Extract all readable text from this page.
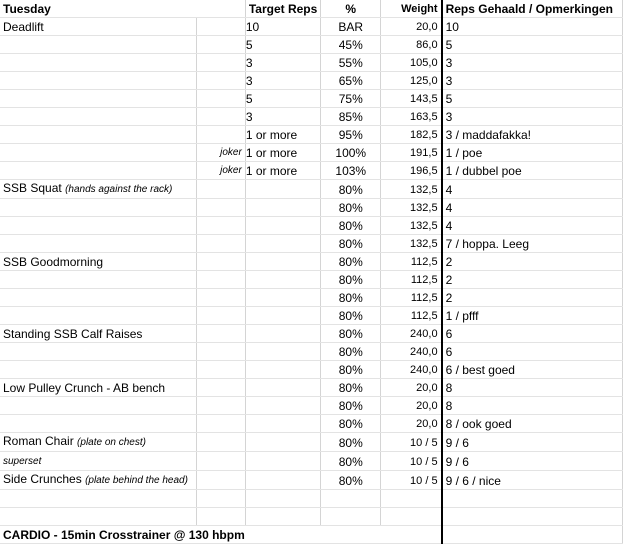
Tuesday		Target Reps	%	Weight	Reps Gehaald / Opmerkingen
Deadlift		10	BAR	20,0	10
		5	45%	86,0	5
		3	55%	105,0	3
		3	65%	125,0	3
		5	75%	143,5	5
		3	85%	163,5	3
		1 or more	95%	182,5	3 / maddafakka!
	joker	1 or more	100%	191,5	1 / poe
	joker	1 or more	103%	196,5	1 / dubbel poe
SSB Squat (hands against the rack)			80%	132,5	4
			80%	132,5	4
			80%	132,5	4
			80%	132,5	7 / hoppa. Leeg
SSB Goodmorning			80%	112,5	2
			80%	112,5	2
			80%	112,5	2
			80%	112,5	1 / pfff
Standing SSB Calf Raises			80%	240,0	6
			80%	240,0	6
			80%	240,0	6 / best goed
Low Pulley Crunch - AB bench			80%	20,0	8
			80%	20,0	8
			80%	20,0	8 / ook goed
Roman Chair (plate on chest)			80%	10 / 5	9 / 6
superset			80%	10 / 5	9 / 6
Side Crunches (plate behind the head)			80%	10 / 5	9 / 6 / nice

CARDIO - 15min Crosstrainer @ 130 hbpm					
